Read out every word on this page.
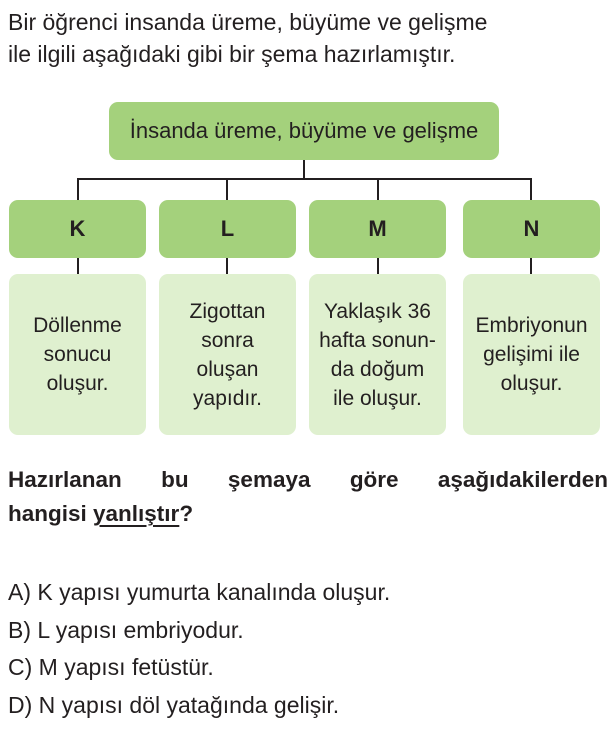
Bir öğrenci insanda üreme, büyüme ve gelişme
ile ilgili aşağıdaki gibi bir şema hazırlamıştır.
İnsanda üreme, büyüme ve gelişme
K	L	M	N
Döllenme
sonucu
oluşur.
Zigottan
sonra
oluşan
yapıdır.
Yaklaşık 36
hafta sonun-
da doğum
ile oluşur.
Embriyonun
gelişimi ile
oluşur.
Hazırlanan bu şemaya göre aşağıdakilerden
hangisi yanlıştır?
A) K yapısı yumurta kanalında oluşur.
B) L yapısı embriyodur.
C) M yapısı fetüstür.
D) N yapısı döl yatağında gelişir.
